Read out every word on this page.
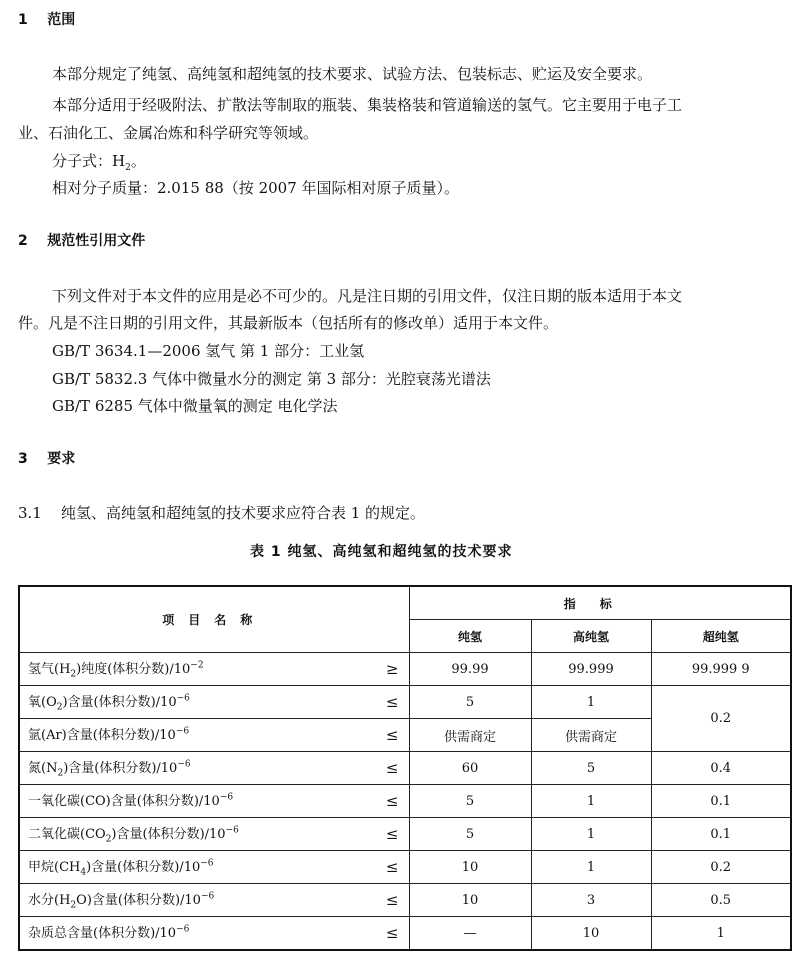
1 范围
本部分规定了纯氢、高纯氢和超纯氢的技术要求、试验方法、包装标志、贮运及安全要求。
本部分适用于经吸附法、扩散法等制取的瓶装、集装格装和管道输送的氢气。它主要用于电子工
业、石油化工、金属冶炼和科学研究等领域。
分子式：$H_2$。
相对分子质量：2.015 88（按 2007 年国际相对原子质量）。
2 规范性引用文件
下列文件对于本文件的应用是必不可少的。凡是注日期的引用文件，仅注日期的版本适用于本文
件。凡是不注日期的引用文件，其最新版本（包括所有的修改单）适用于本文件。
GB/T 3634.1—2006 氢气 第 1 部分：工业氢
GB/T 5832.3 气体中微量水分的测定 第 3 部分：光腔衰荡光谱法
GB/T 6285 气体中微量氧的测定 电化学法
3 要求
3.1 纯氢、高纯氢和超纯氢的技术要求应符合表 1 的规定。
表 1 纯氢、高纯氢和超纯氢的技术要求
项目名称	指标		
	纯氢	高纯氢	超纯氢
氢气$(H_2)$纯度(体积分数)$/10^{-2}$ ≥	99.99	99.999	99.999 9
氧$(O_2)$含量(体积分数)$/10^{-6}$ ≤	5	1	0.2
氩(Ar)含量(体积分数)$/10^{-6}$ ≤	供需商定	供需商定	
氮$(N_2)$含量(体积分数)$/10^{-6}$ ≤	60	5	0.4
一氧化碳(CO)含量(体积分数)$/10^{-6}$ ≤	5	1	0.1
二氧化碳$(CO_2)$含量(体积分数)$/10^{-6}$ ≤	5	1	0.1
甲烷$(CH_4)$含量(体积分数)$/10^{-6}$ ≤	10	1	0.2
水分$(H_2O)$含量(体积分数)$/10^{-6}$ ≤	10	3	0.5
杂质总含量(体积分数)$/10^{-6}$ ≤	—	10	1
